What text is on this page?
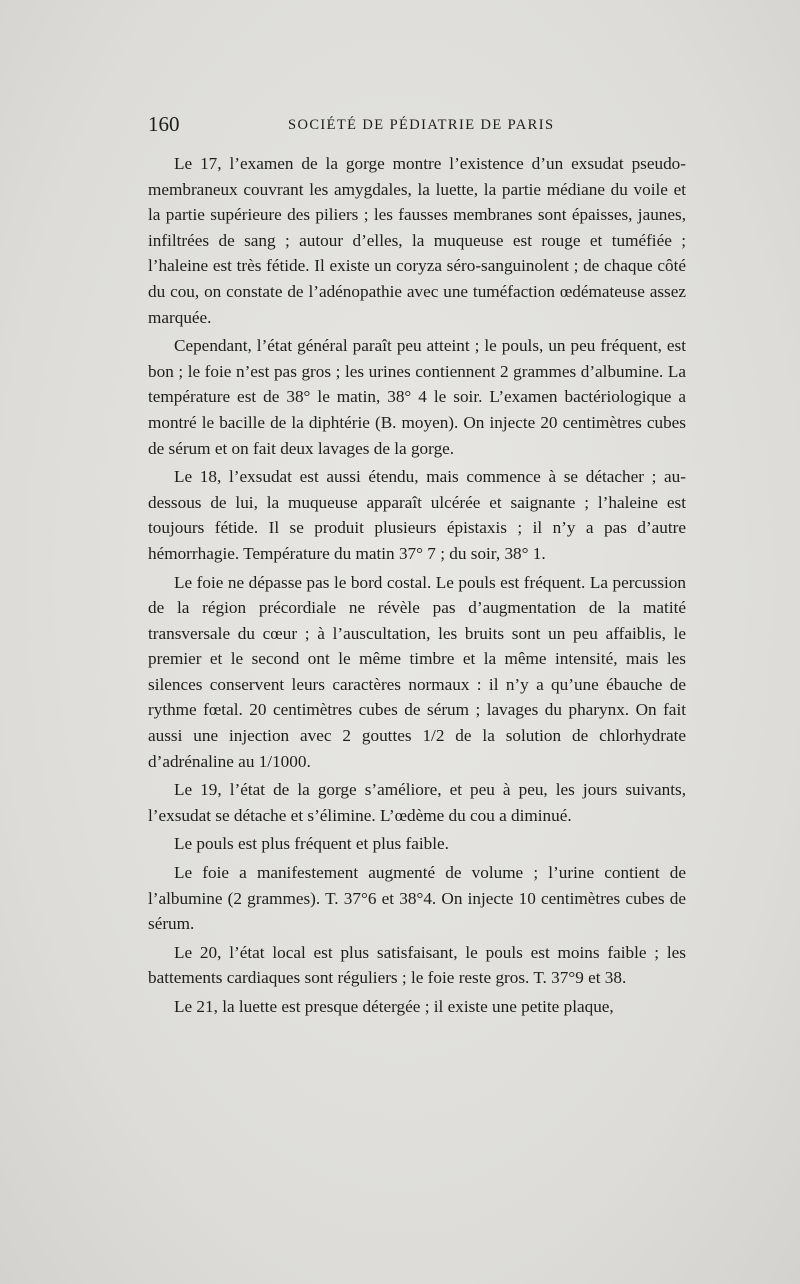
160	SOCIÉTÉ DE PÉDIATRIE DE PARIS

Le 17, l’examen de la gorge montre l’existence d’un exsudat pseudo-membraneux couvrant les amygdales, la luette, la partie médiane du voile et la partie supérieure des piliers ; les fausses membranes sont épaisses, jaunes, infiltrées de sang ; autour d’elles, la muqueuse est rouge et tuméfiée ; l’haleine est très fétide. Il existe un coryza séro-sanguinolent ; de chaque côté du cou, on constate de l’adénopathie avec une tuméfaction œdémateuse assez marquée.

Cependant, l’état général paraît peu atteint ; le pouls, un peu fréquent, est bon ; le foie n’est pas gros ; les urines contiennent 2 grammes d’albumine. La température est de 38° le matin, 38° 4 le soir. L’examen bactériologique a montré le bacille de la diphtérie (B. moyen). On injecte 20 centimètres cubes de sérum et on fait deux lavages de la gorge.

Le 18, l’exsudat est aussi étendu, mais commence à se détacher ; au-dessous de lui, la muqueuse apparaît ulcérée et saignante ; l’haleine est toujours fétide. Il se produit plusieurs épistaxis ; il n’y a pas d’autre hémorrhagie. Température du matin 37° 7 ; du soir, 38° 1.

Le foie ne dépasse pas le bord costal. Le pouls est fréquent. La percussion de la région précordiale ne révèle pas d’augmentation de la matité transversale du cœur ; à l’auscultation, les bruits sont un peu affaiblis, le premier et le second ont le même timbre et la même intensité, mais les silences conservent leurs caractères normaux : il n’y a qu’une ébauche de rythme fœtal. 20 centimètres cubes de sérum ; lavages du pharynx. On fait aussi une injection avec 2 gouttes 1/2 de la solution de chlorhydrate d’adrénaline au 1/1000.

Le 19, l’état de la gorge s’améliore, et peu à peu, les jours suivants, l’exsudat se détache et s’élimine. L’œdème du cou a diminué.

Le pouls est plus fréquent et plus faible.

Le foie a manifestement augmenté de volume ; l’urine contient de l’albumine (2 grammes). T. 37°6 et 38°4. On injecte 10 centimètres cubes de sérum.

Le 20, l’état local est plus satisfaisant, le pouls est moins faible ; les battements cardiaques sont réguliers ; le foie reste gros. T. 37°9 et 38.

Le 21, la luette est presque détergée ; il existe une petite plaque,
